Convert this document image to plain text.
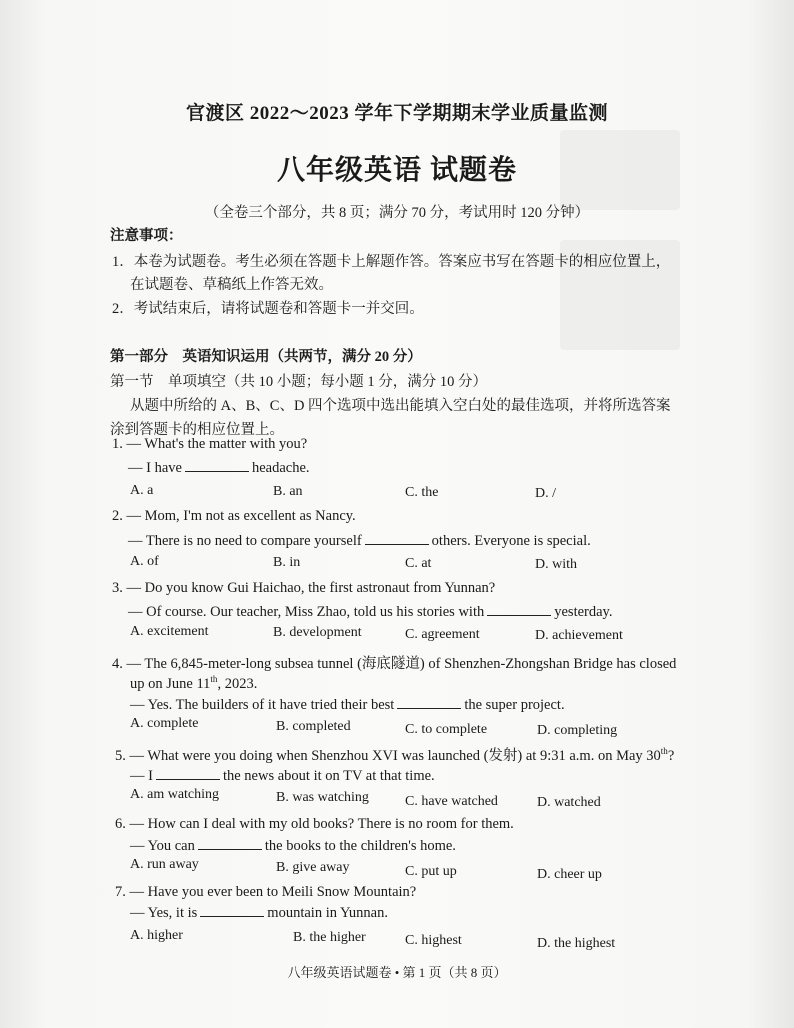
官渡区 2022～2023 学年下学期期末学业质量监测
八年级英语 试题卷
（全卷三个部分，共 8 页；满分 70 分，考试用时 120 分钟）
注意事项：
1．本卷为试题卷。考生必须在答题卡上解题作答。答案应书写在答题卡的相应位置上，
在试题卷、草稿纸上作答无效。
2．考试结束后，请将试题卷和答题卡一并交回。
第一部分　英语知识运用（共两节，满分 20 分）
第一节　单项填空（共 10 小题；每小题 1 分，满分 10 分）
从题中所给的 A、B、C、D 四个选项中选出能填入空白处的最佳选项，并将所选答案
涂到答题卡的相应位置上。
1. — What's the matter with you?
— I have	headache.
A. a	B. an	C. the	D. /
2. — Mom, I'm not as excellent as Nancy.
— There is no need to compare yourself	others. Everyone is special.
A. of	B. in	C. at	D. with
3. — Do you know Gui Haichao, the first astronaut from Yunnan?
— Of course. Our teacher, Miss Zhao, told us his stories with	yesterday.
A. excitement	B. development	C. agreement	D. achievement
4. — The 6,845-meter-long subsea tunnel (海底隧道) of Shenzhen-Zhongshan Bridge has closed
up on June 11th, 2023.
— Yes. The builders of it have tried their best	the super project.
A. complete	B. completed	C. to complete	D. completing
5. — What were you doing when Shenzhou XVI was launched (发射) at 9:31 a.m. on May 30th?
— I	the news about it on TV at that time.
A. am watching	B. was watching	C. have watched	D. watched
6. — How can I deal with my old books? There is no room for them.
— You can	the books to the children's home.
A. run away	B. give away	C. put up	D. cheer up
7. — Have you ever been to Meili Snow Mountain?
— Yes, it is	mountain in Yunnan.
A. higher	B. the higher	C. highest	D. the highest
八年级英语试题卷 • 第 1 页（共 8 页）
